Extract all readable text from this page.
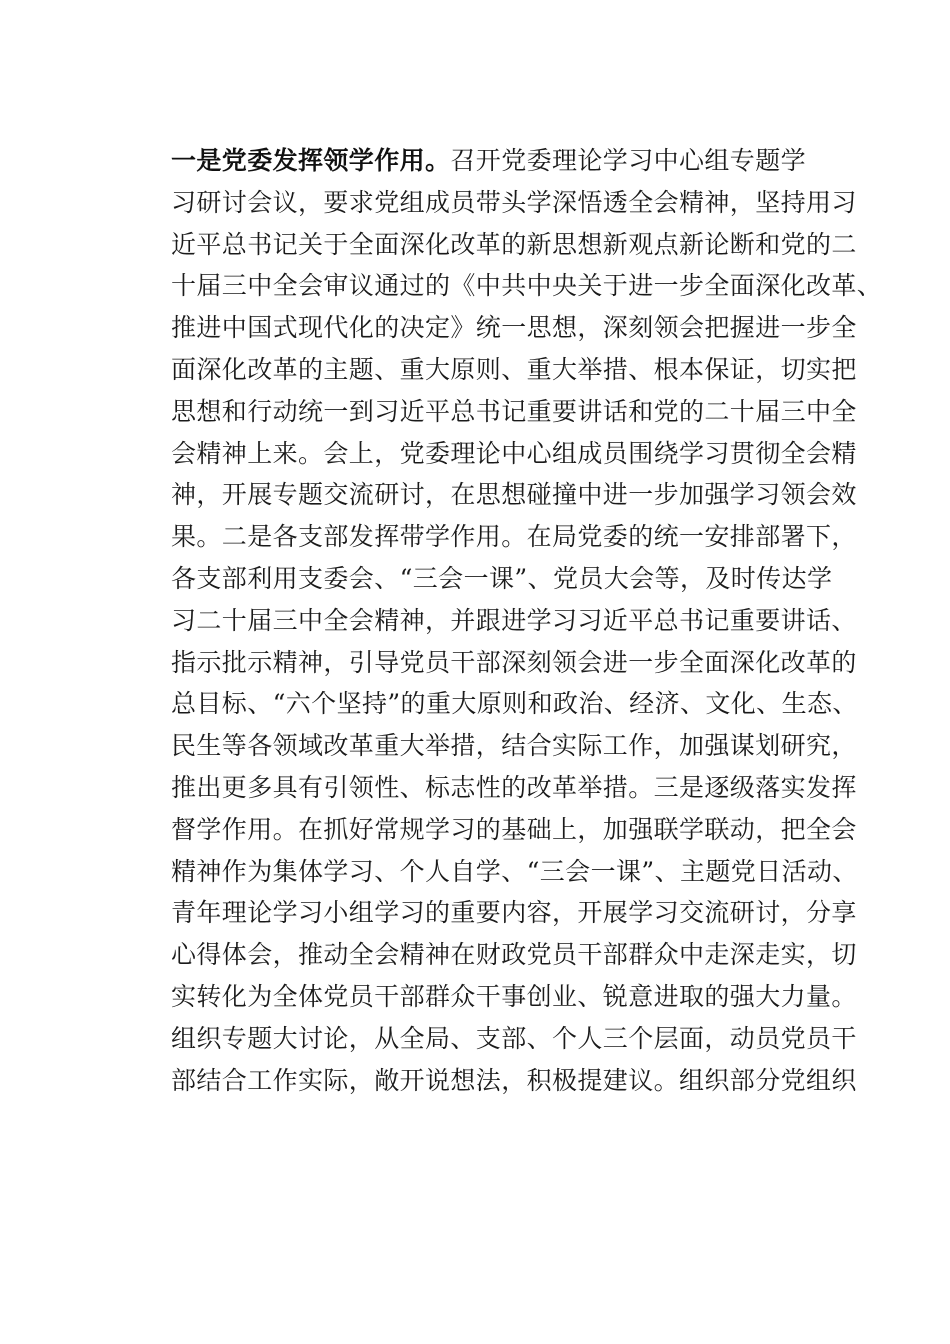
一是党委发挥领学作用。召开党委理论学习中心组专题学
习研讨会议，要求党组成员带头学深悟透全会精神，坚持用习
近平总书记关于全面深化改革的新思想新观点新论断和党的二
十届三中全会审议通过的《中共中央关于进一步全面深化改革、
推进中国式现代化的决定》统一思想，深刻领会把握进一步全
面深化改革的主题、重大原则、重大举措、根本保证，切实把
思想和行动统一到习近平总书记重要讲话和党的二十届三中全
会精神上来。会上，党委理论中心组成员围绕学习贯彻全会精
神，开展专题交流研讨，在思想碰撞中进一步加强学习领会效
果。二是各支部发挥带学作用。在局党委的统一安排部署下，
各支部利用支委会、“三会一课”、党员大会等，及时传达学
习二十届三中全会精神，并跟进学习习近平总书记重要讲话、
指示批示精神，引导党员干部深刻领会进一步全面深化改革的
总目标、“六个坚持”的重大原则和政治、经济、文化、生态、
民生等各领域改革重大举措，结合实际工作，加强谋划研究，
推出更多具有引领性、标志性的改革举措。三是逐级落实发挥
督学作用。在抓好常规学习的基础上，加强联学联动，把全会
精神作为集体学习、个人自学、“三会一课”、主题党日活动、
青年理论学习小组学习的重要内容，开展学习交流研讨，分享
心得体会，推动全会精神在财政党员干部群众中走深走实，切
实转化为全体党员干部群众干事创业、锐意进取的强大力量。
组织专题大讨论，从全局、支部、个人三个层面，动员党员干
部结合工作实际，敞开说想法，积极提建议。组织部分党组织
